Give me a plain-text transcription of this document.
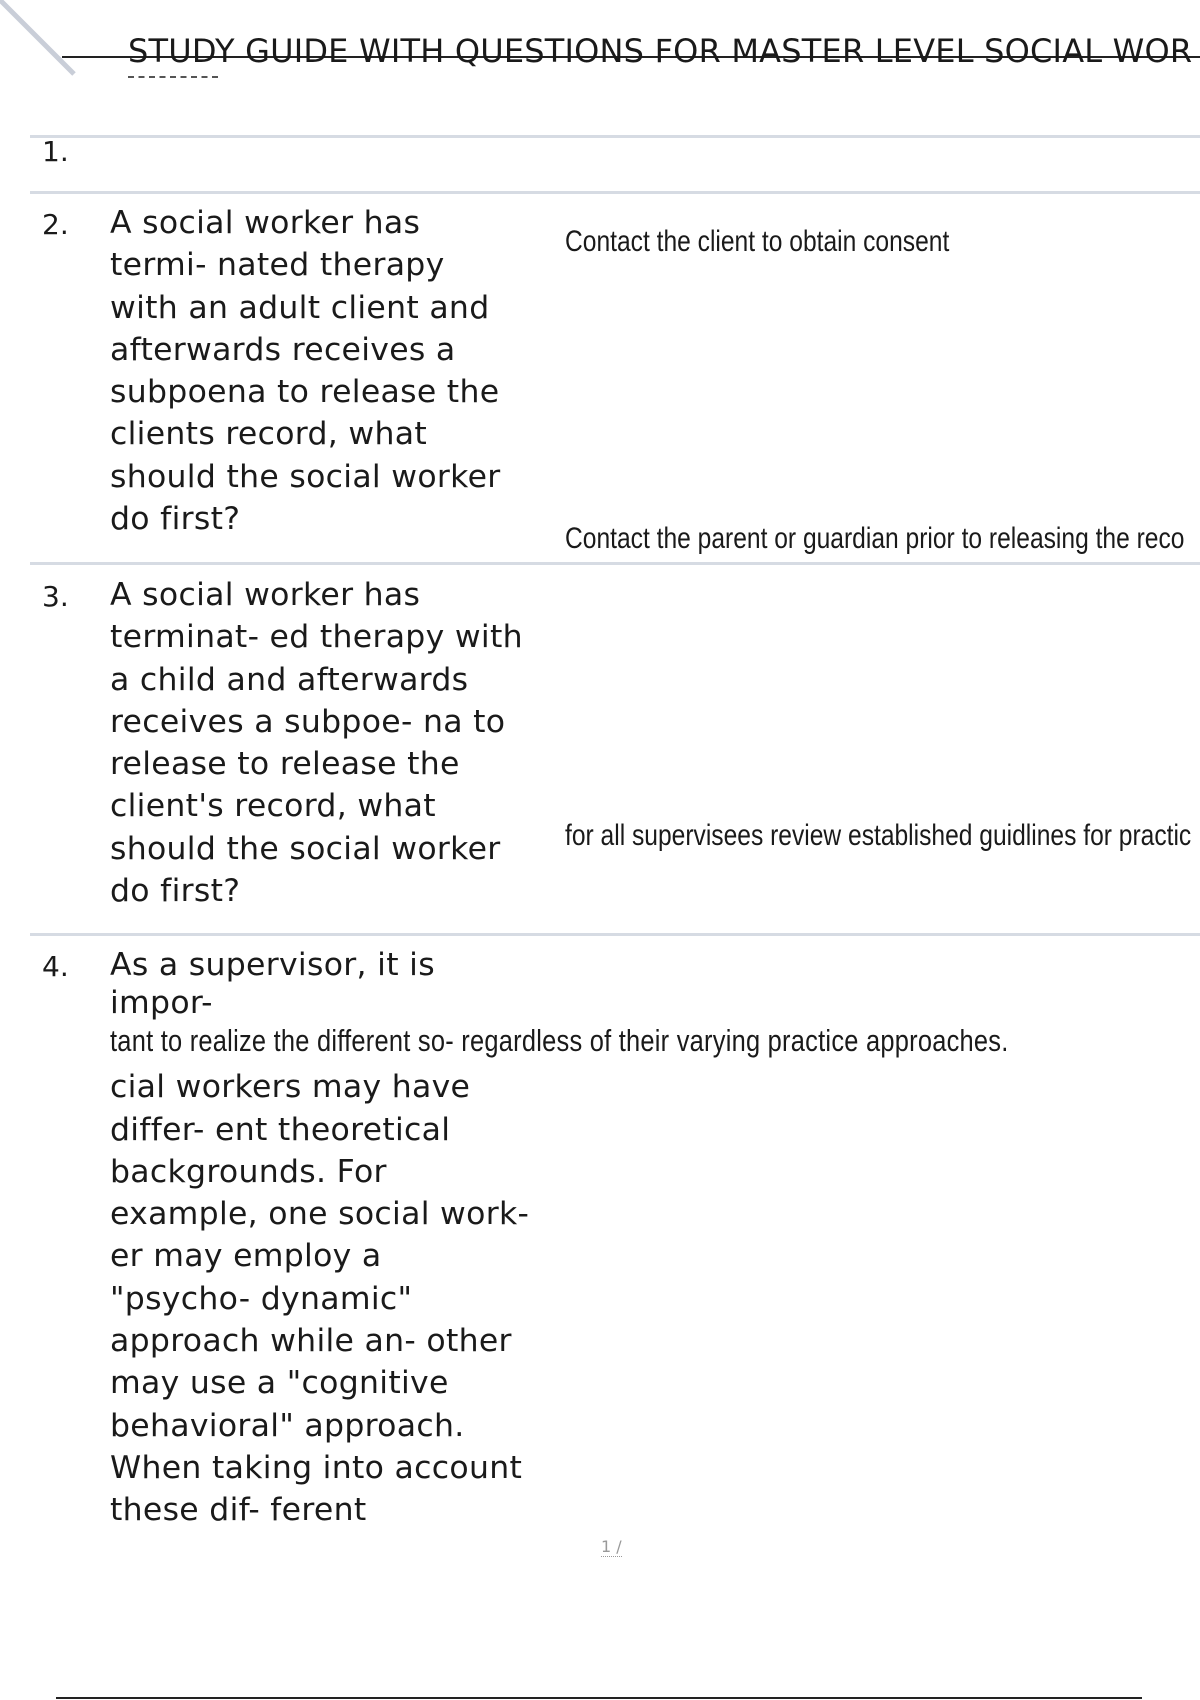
STUDY GUIDE WITH QUESTIONS FOR MASTER LEVEL SOCIAL WOR
1.
2. A social worker has
termi- nated therapy
with an adult client and
afterwards receives a
subpoena to release the
clients record, what
should the social worker
do first?
Contact the client to obtain consent
Contact the parent or guardian prior to releasing the reco
3. A social worker has
terminat- ed therapy with
a child and afterwards
receives a subpoe- na to
release to release the
client's record, what
should the social worker
do first?
for all supervisees review established guidlines for practic
4. As a supervisor, it is
impor-
tant to realize the different so- regardless of their varying practice approaches.
cial workers may have
differ- ent theoretical
backgrounds. For
example, one social work-
er may employ a
"psycho- dynamic"
approach while an- other
may use a "cognitive
behavioral" approach.
When taking into account
these dif- ferent
1 /
